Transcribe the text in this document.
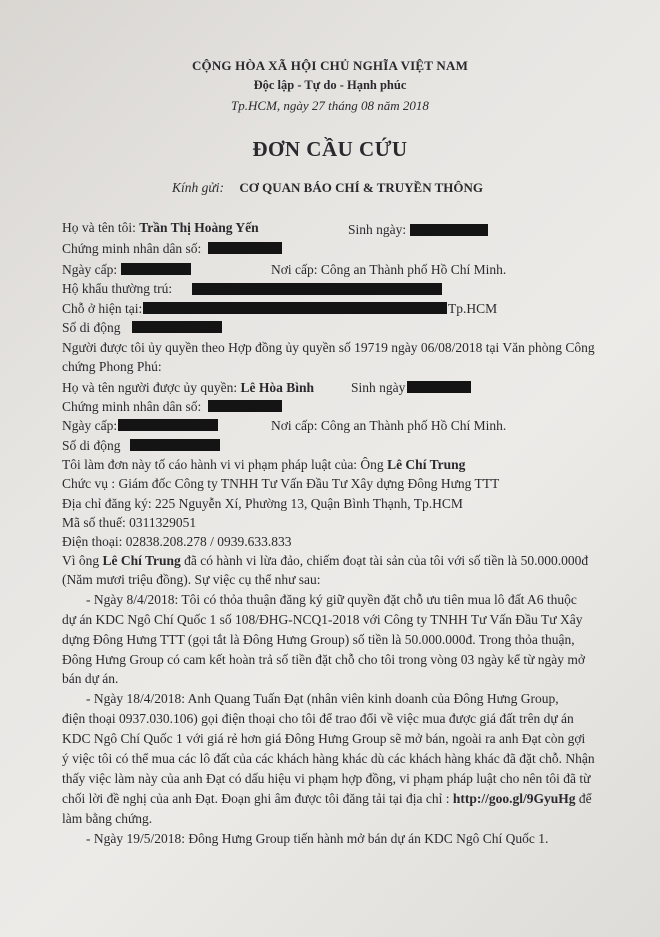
CỘNG HÒA XÃ HỘI CHỦ NGHĨA VIỆT NAM
Độc lập - Tự do - Hạnh phúc
Tp.HCM, ngày 27 tháng 08 năm 2018
ĐƠN CẦU CỨU
Kính gửi: CƠ QUAN BÁO CHÍ & TRUYỀN THÔNG
Họ và tên tôi: Trần Thị Hoàng Yến	Sinh ngày:
Chứng minh nhân dân số:
Ngày cấp:	Nơi cấp: Công an Thành phố Hồ Chí Minh.
Hộ khẩu thường trú:
Chỗ ở hiện tại:	Tp.HCM
Số di động
Người được tôi ủy quyền theo Hợp đồng ủy quyền số 19719 ngày 06/08/2018 tại Văn phòng Công
chứng Phong Phú:
Họ và tên người được ủy quyền: Lê Hòa Bình	Sinh ngày
Chứng minh nhân dân số:
Ngày cấp:	Nơi cấp: Công an Thành phố Hồ Chí Minh.
Số di động
Tôi làm đơn này tố cáo hành vi vi phạm pháp luật của: Ông Lê Chí Trung
Chức vụ : Giám đốc Công ty TNHH Tư Vấn Đầu Tư Xây dựng Đông Hưng TTT
Địa chỉ đăng ký: 225 Nguyễn Xí, Phường 13, Quận Bình Thạnh, Tp.HCM
Mã số thuế: 0311329051
Điện thoại: 02838.208.278 / 0939.633.833
Vì ông Lê Chí Trung đã có hành vi lừa đảo, chiếm đoạt tài sản của tôi với số tiền là 50.000.000đ
(Năm mươi triệu đồng). Sự việc cụ thể như sau:
- Ngày 8/4/2018: Tôi có thỏa thuận đăng ký giữ quyền đặt chỗ ưu tiên mua lô đất A6 thuộc
dự án KDC Ngô Chí Quốc 1 số 108/ĐHG-NCQ1-2018 với Công ty TNHH Tư Vấn Đầu Tư Xây
dựng Đông Hưng TTT (gọi tắt là Đông Hưng Group) số tiền là 50.000.000đ. Trong thỏa thuận,
Đông Hưng Group có cam kết hoàn trả số tiền đặt chỗ cho tôi trong vòng 03 ngày kể từ ngày mở
bán dự án.
- Ngày 18/4/2018: Anh Quang Tuấn Đạt (nhân viên kinh doanh của Đông Hưng Group,
điện thoại 0937.030.106) gọi điện thoại cho tôi để trao đổi về việc mua được giá đất trên dự án
KDC Ngô Chí Quốc 1 với giá rẻ hơn giá Đông Hưng Group sẽ mở bán, ngoài ra anh Đạt còn gợi
ý việc tôi có thể mua các lô đất của các khách hàng khác dù các khách hàng khác đã đặt chỗ. Nhận
thấy việc làm này của anh Đạt có dấu hiệu vi phạm hợp đồng, vi phạm pháp luật cho nên tôi đã từ
chối lời đề nghị của anh Đạt. Đoạn ghi âm được tôi đăng tải tại địa chỉ : http://goo.gl/9GyuHg để
làm bằng chứng.
- Ngày 19/5/2018: Đông Hưng Group tiến hành mở bán dự án KDC Ngô Chí Quốc 1.
